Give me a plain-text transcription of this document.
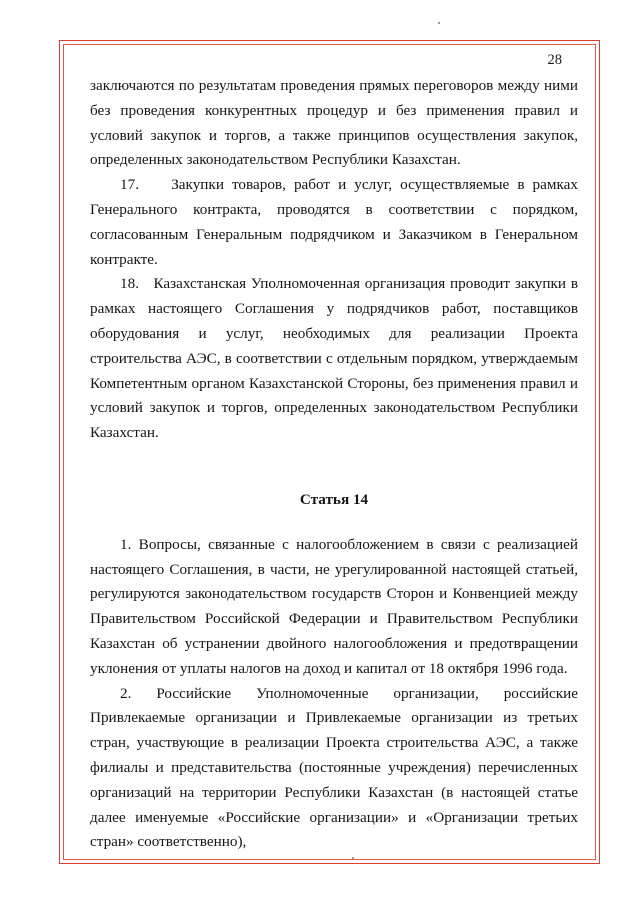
28

заключаются по результатам проведения прямых переговоров между ними без проведения конкурентных процедур и без применения правил и условий закупок и торгов, а также принципов осуществления закупок, определенных законодательством Республики Казахстан.

17.    Закупки товаров, работ и услуг, осуществляемые в рамках Генерального контракта, проводятся в соответствии с порядком, согласованным Генеральным подрядчиком и Заказчиком в Генеральном контракте.

18.   Казахстанская Уполномоченная организация проводит закупки в рамках настоящего Соглашения у подрядчиков работ, поставщиков оборудования и услуг, необходимых для реализации Проекта строительства АЭС, в соответствии с отдельным порядком, утверждаемым Компетентным органом Казахстанской Стороны, без применения правил и условий закупок и торгов, определенных законодательством Республики Казахстан.

Статья 14

1. Вопросы, связанные с налогообложением в связи с реализацией настоящего Соглашения, в части, не урегулированной настоящей статьей, регулируются законодательством государств Сторон и Конвенцией между Правительством Российской Федерации и Правительством Республики Казахстан об устранении двойного налогообложения и предотвращении уклонения от уплаты налогов на доход и капитал от 18 октября 1996 года.

2. Российские Уполномоченные организации, российские Привлекаемые организации и Привлекаемые организации из третьих стран, участвующие в реализации Проекта строительства АЭС, а также филиалы и представительства (постоянные учреждения) перечисленных организаций на территории Республики Казахстан (в настоящей статье далее именуемые «Российские организации» и «Организации третьих стран» соответственно),
